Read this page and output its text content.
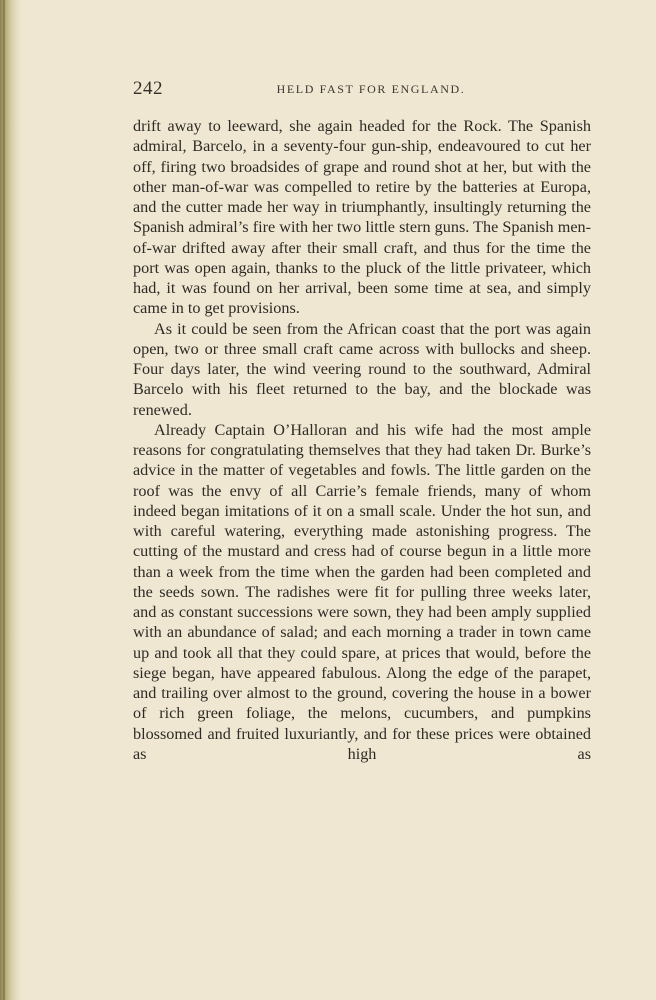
242	HELD FAST FOR ENGLAND.

drift away to leeward, she again headed for the Rock. The Spanish admiral, Barcelo, in a seventy-four gun-ship, endeavoured to cut her off, firing two broadsides of grape and round shot at her, but with the other man-of-war was compelled to retire by the batteries at Europa, and the cutter made her way in triumphantly, insultingly returning the Spanish admiral’s fire with her two little stern guns. The Spanish men-of-war drifted away after their small craft, and thus for the time the port was open again, thanks to the pluck of the little privateer, which had, it was found on her arrival, been some time at sea, and simply came in to get provisions.

As it could be seen from the African coast that the port was again open, two or three small craft came across with bullocks and sheep. Four days later, the wind veering round to the southward, Admiral Barcelo with his fleet returned to the bay, and the blockade was renewed.

Already Captain O’Halloran and his wife had the most ample reasons for congratulating themselves that they had taken Dr. Burke’s advice in the matter of vegetables and fowls. The little garden on the roof was the envy of all Carrie’s female friends, many of whom indeed began imitations of it on a small scale. Under the hot sun, and with careful watering, everything made astonishing progress. The cutting of the mustard and cress had of course begun in a little more than a week from the time when the garden had been completed and the seeds sown. The radishes were fit for pulling three weeks later, and as constant successions were sown, they had been amply supplied with an abundance of salad; and each morning a trader in town came up and took all that they could spare, at prices that would, before the siege began, have appeared fabulous. Along the edge of the parapet, and trailing over almost to the ground, covering the house in a bower of rich green foliage, the melons, cucumbers, and pumpkins blossomed and fruited luxuriantly, and for these prices were obtained as high as
